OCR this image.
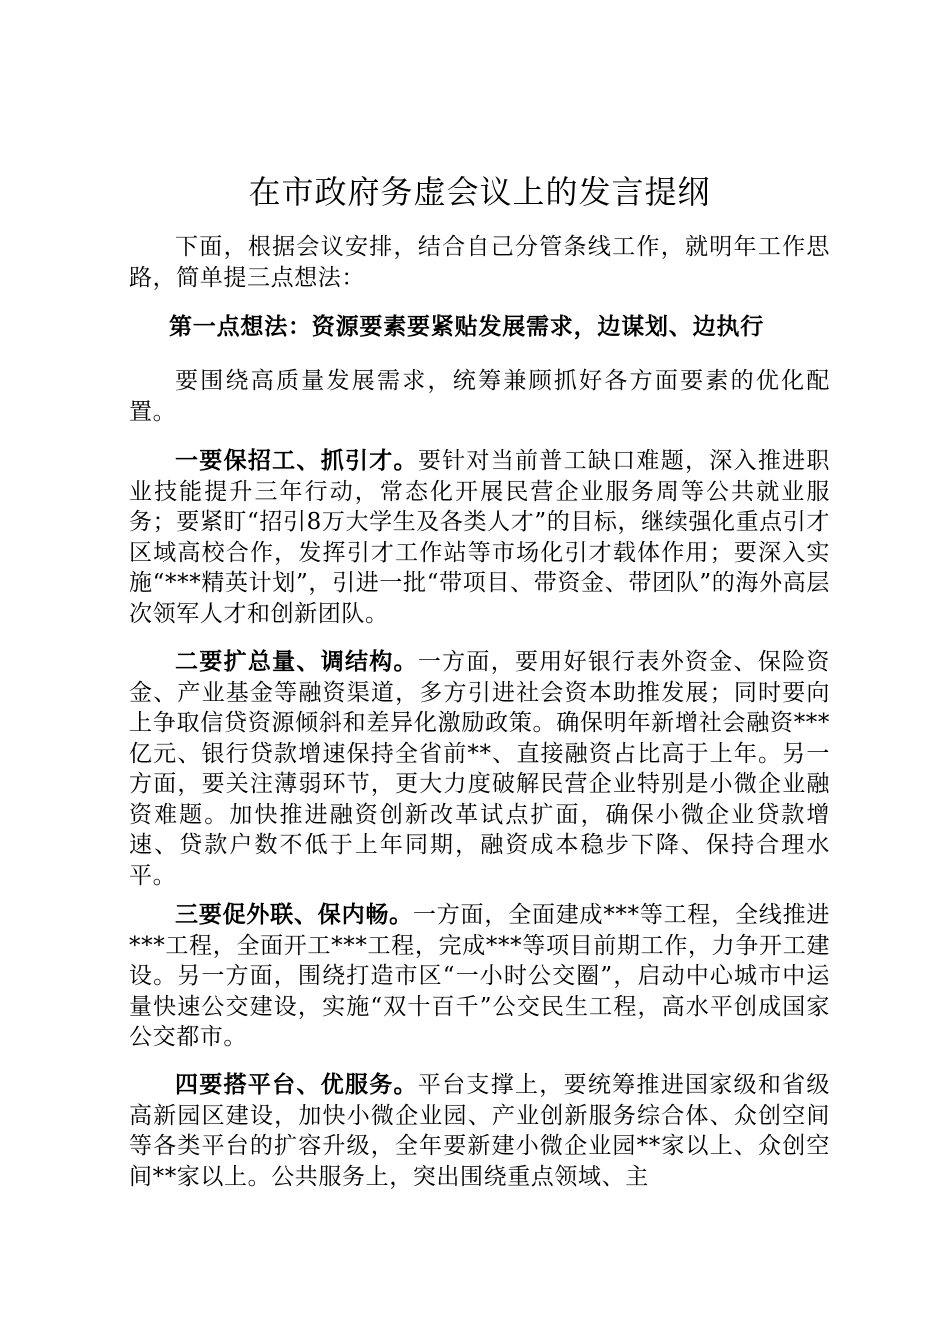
在市政府务虚会议上的发言提纲

下面，根据会议安排，结合自己分管条线工作，就明年工作思路，简单提三点想法：

第一点想法：资源要素要紧贴发展需求，边谋划、边执行

要围绕高质量发展需求，统筹兼顾抓好各方面要素的优化配置。

一要保招工、抓引才。要针对当前普工缺口难题，深入推进职业技能提升三年行动，常态化开展民营企业服务周等公共就业服务；要紧盯“招引8万大学生及各类人才”的目标，继续强化重点引才区域高校合作，发挥引才工作站等市场化引才载体作用；要深入实施“***精英计划”，引进一批“带项目、带资金、带团队”的海外高层次领军人才和创新团队。

二要扩总量、调结构。一方面，要用好银行表外资金、保险资金、产业基金等融资渠道，多方引进社会资本助推发展；同时要向上争取信贷资源倾斜和差异化激励政策。确保明年新增社会融资***亿元、银行贷款增速保持全省前**、直接融资占比高于上年。另一方面，要关注薄弱环节，更大力度破解民营企业特别是小微企业融资难题。加快推进融资创新改革试点扩面，确保小微企业贷款增速、贷款户数不低于上年同期，融资成本稳步下降、保持合理水平。

三要促外联、保内畅。一方面，全面建成***等工程，全线推进***工程，全面开工***工程，完成***等项目前期工作，力争开工建设。另一方面，围绕打造市区“一小时公交圈”，启动中心城市中运量快速公交建设，实施“双十百千”公交民生工程，高水平创成国家公交都市。

四要搭平台、优服务。平台支撑上，要统筹推进国家级和省级高新园区建设，加快小微企业园、产业创新服务综合体、众创空间等各类平台的扩容升级，全年要新建小微企业园**家以上、众创空间**家以上。公共服务上，突出围绕重点领域、主
